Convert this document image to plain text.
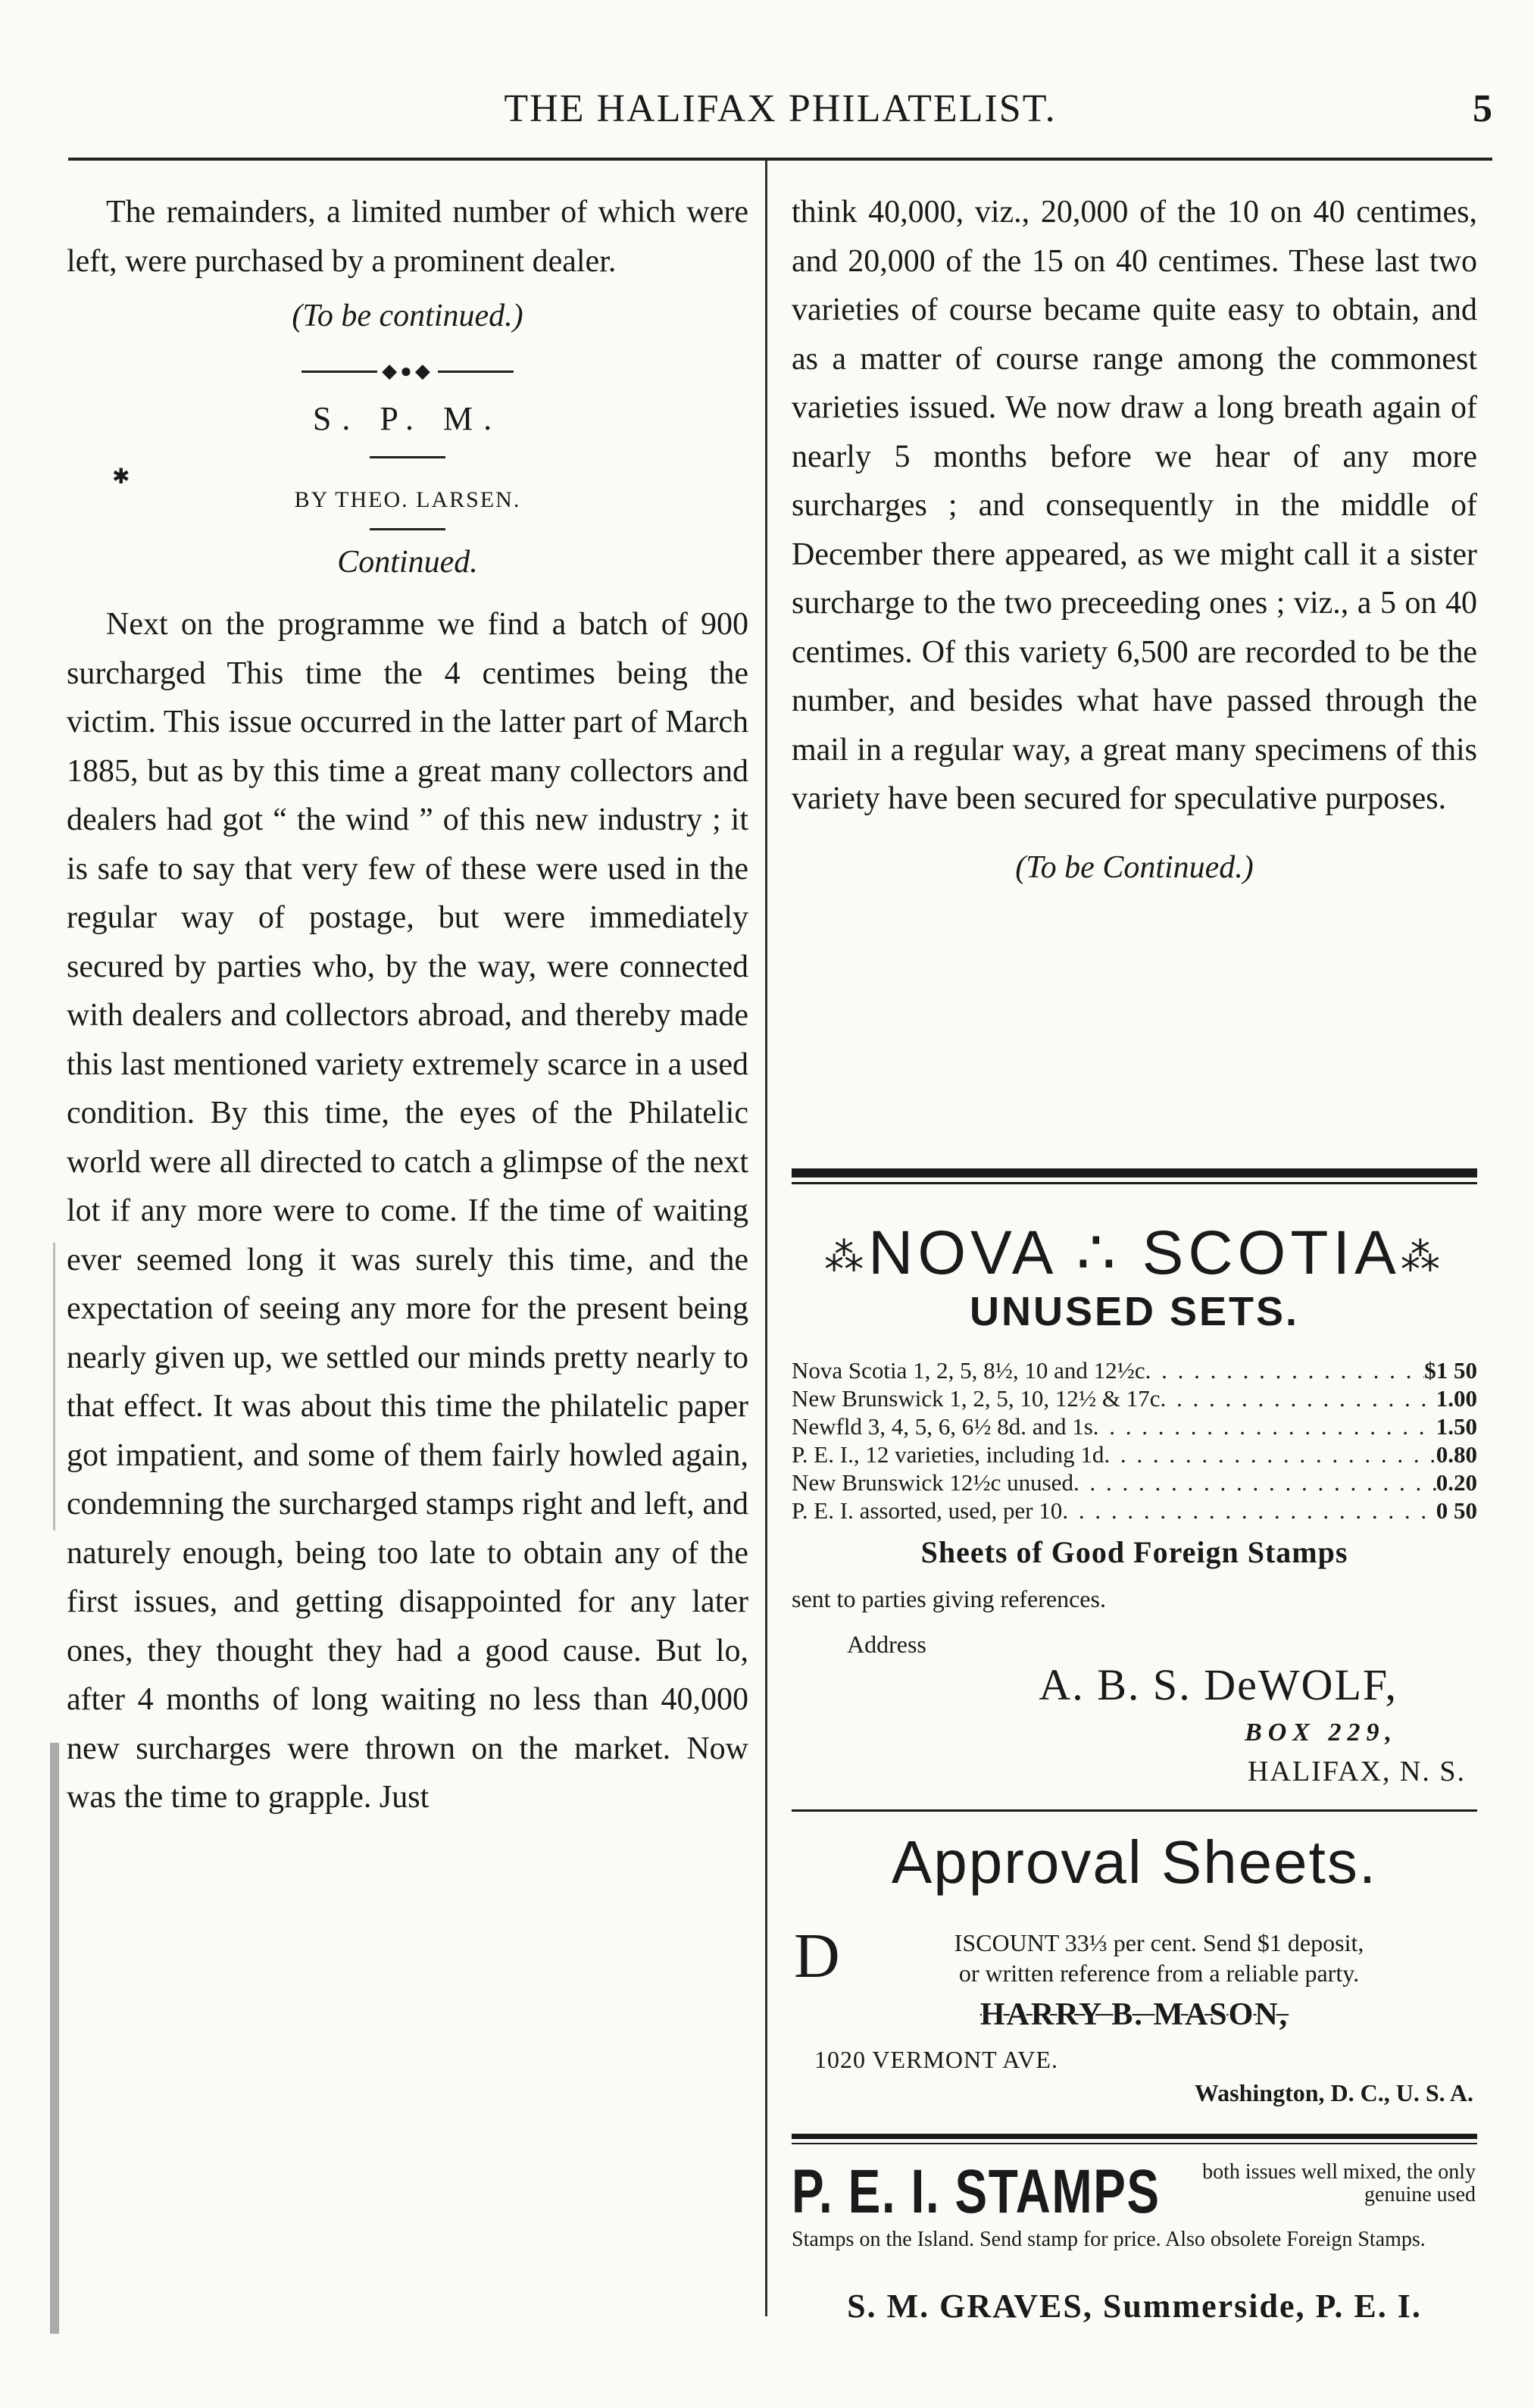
THE HALIFAX PHILATELIST.	5

The remainders, a limited number of which were left, were purchased by a prominent dealer.

(To be continued.)

◆●◆

S. P. M.

BY THEO. LARSEN.

Continued.

Next on the programme we find a batch of 900 surcharged This time the 4 centimes being the victim. This issue occurred in the latter part of March 1885, but as by this time a great many collectors and dealers had got “ the wind ” of this new industry ; it is safe to say that very few of these were used in the regular way of postage, but were immediately secured by parties who, by the way, were connected with dealers and collectors abroad, and thereby made this last mentioned variety extremely scarce in a used condition. By this time, the eyes of the Philatelic world were all directed to catch a glimpse of the next lot if any more were to come. If the time of waiting ever seemed long it was surely this time, and the expectation of seeing any more for the present being nearly given up, we settled our minds pretty nearly to that effect. It was about this time the philatelic paper got impatient, and some of them fairly howled again, condemning the surcharged stamps right and left, and naturely enough, being too late to obtain any of the first issues, and getting disappointed for any later ones, they thought they had a good cause. But lo, after 4 months of long waiting no less than 40,000 new surcharges were thrown on the market. Now was the time to grapple. Just

✱

think 40,000, viz., 20,000 of the 10 on 40 centimes, and 20,000 of the 15 on 40 centimes. These last two varieties of course became quite easy to obtain, and as a matter of course range among the commonest varieties issued. We now draw a long breath again of nearly 5 months before we hear of any more surcharges ; and consequently in the middle of December there appeared, as we might call it a sister surcharge to the two preceeding ones ; viz., a 5 on 40 centimes. Of this variety 6,500 are recorded to be the number, and besides what have passed through the mail in a regular way, a great many specimens of this variety have been secured for speculative purposes.

(To be Continued.)

⁂NOVA ∴ SCOTIA⁂
UNUSED SETS.
Nova Scotia 1, 2, 5, 8½, 10 and 12½c . . .	$1 50
New Brunswick 1, 2, 5, 10, 12½ & 17c . . .	1.00
Newfld 3, 4, 5, 6, 6½ 8d. and 1s . . .	1.50
P. E. I., 12 varieties, including 1d . . .	0.80
New Brunswick 12½c unused . . .	0.20
P. E. I. assorted, used, per 10 . . .	0 50
Sheets of Good Foreign Stamps
sent to parties giving references.
Address
A. B. S. DeWOLF,
BOX 229,
HALIFAX, N. S.
Approval Sheets.
D	ISCOUNT 33⅓ per cent. Send $1 deposit,
or written reference from a reliable party.
HARRY B. MASON,
1020 VERMONT AVE.
Washington, D. C., U. S. A.
P. E. I. STAMPS	both issues well mixed, the only genuine used
Stamps on the Island. Send stamp for price. Also obsolete Foreign Stamps.
S. M. GRAVES, Summerside, P. E. I.
